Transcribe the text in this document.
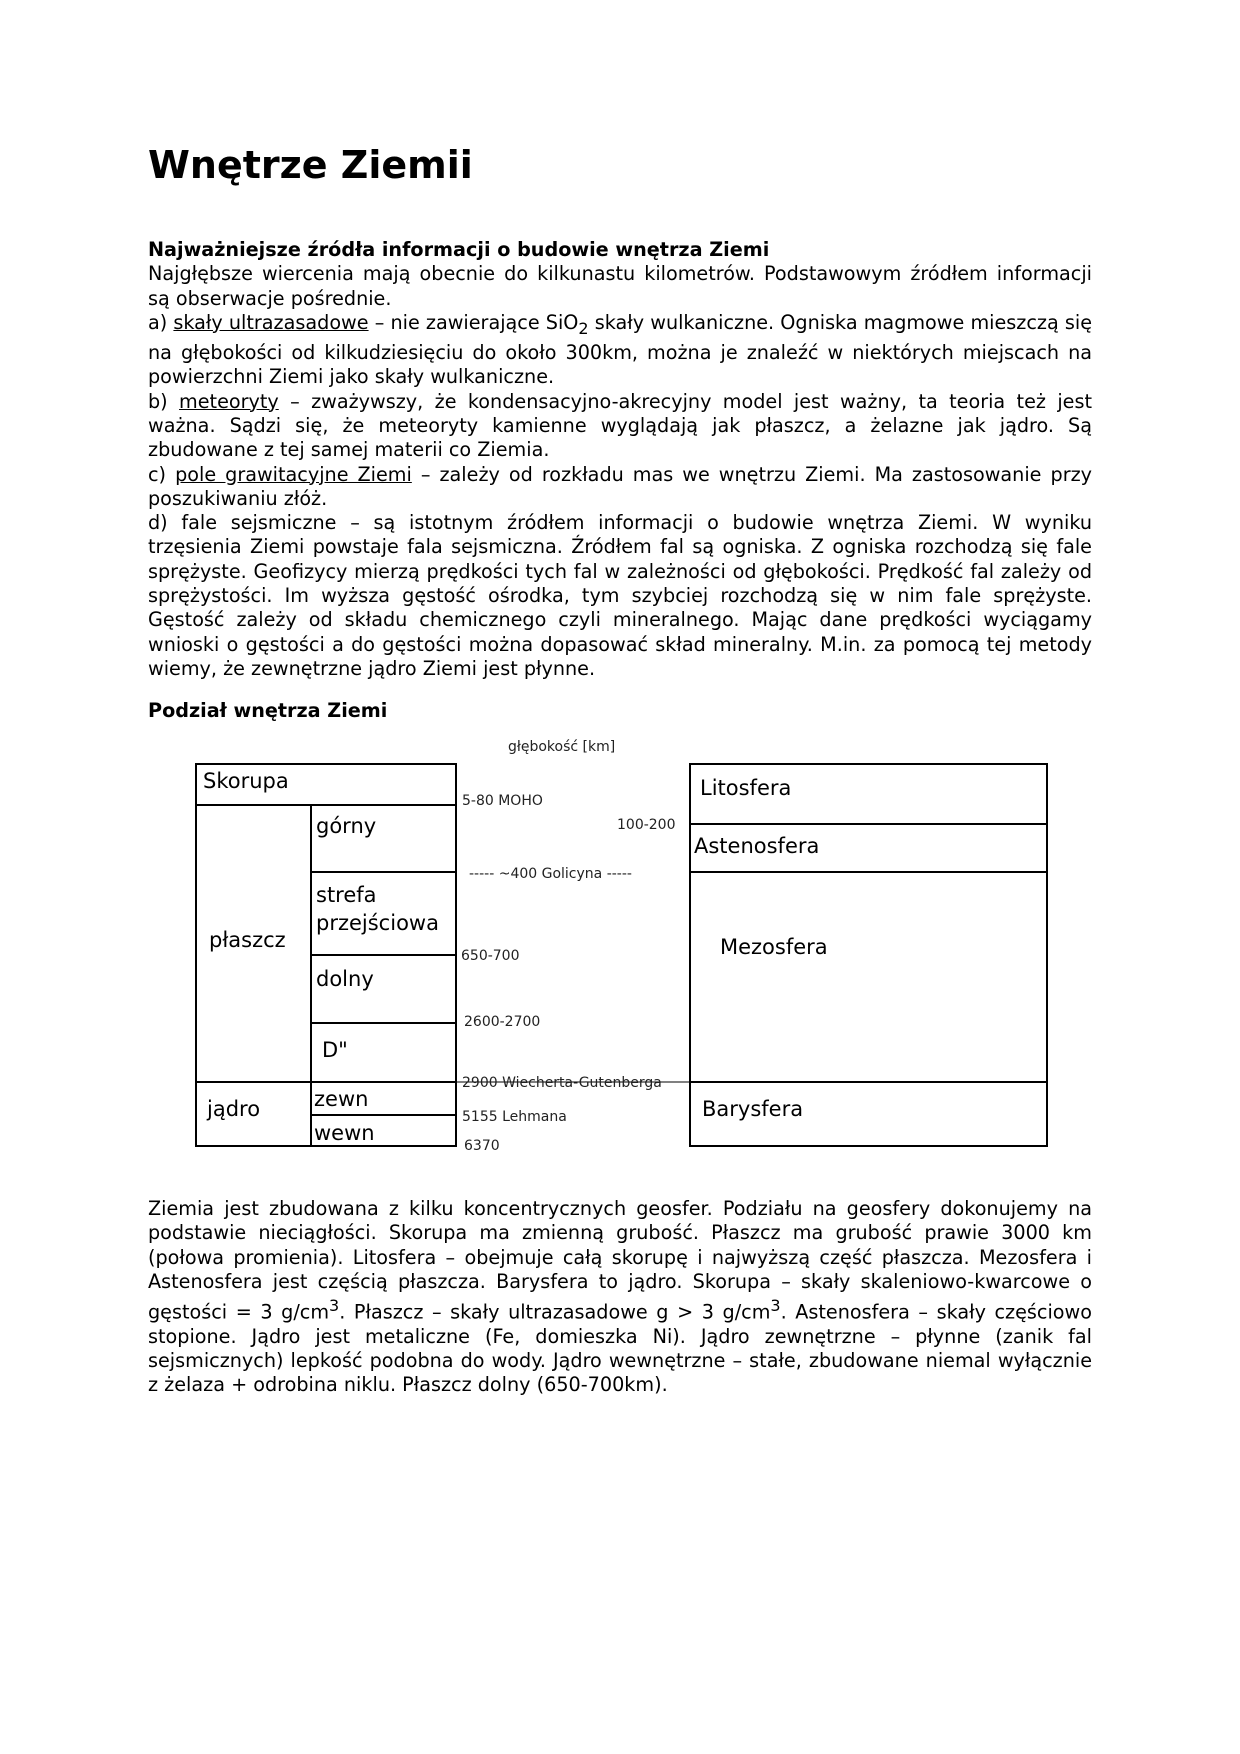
Wnętrze Ziemii

Najważniejsze źródła informacji o budowie wnętrza Ziemi

Najgłębsze wiercenia mają obecnie do kilkunastu kilometrów. Podstawowym źródłem informacji są obserwacje pośrednie.

a) skały ultrazasadowe – nie zawierające SiO$_2$ skały wulkaniczne. Ogniska magmowe mieszczą się na głębokości od kilkudziesięciu do około 300km, można je znaleźć w niektórych miejscach na powierzchni Ziemi jako skały wulkaniczne.

b) meteoryty – zważywszy, że kondensacyjno-akrecyjny model jest ważny, ta teoria też jest ważna. Sądzi się, że meteoryty kamienne wyglądają jak płaszcz, a żelazne jak jądro. Są zbudowane z tej samej materii co Ziemia.

c) pole grawitacyjne Ziemi – zależy od rozkładu mas we wnętrzu Ziemi. Ma zastosowanie przy poszukiwaniu złóż.

d) fale sejsmiczne – są istotnym źródłem informacji o budowie wnętrza Ziemi. W wyniku trzęsienia Ziemi powstaje fala sejsmiczna. Źródłem fal są ogniska. Z ogniska rozchodzą się fale sprężyste. Geofizycy mierzą prędkości tych fal w zależności od głębokości. Prędkość fal zależy od sprężystości. Im wyższa gęstość ośrodka, tym szybciej rozchodzą się w nim fale sprężyste. Gęstość zależy od składu chemicznego czyli mineralnego. Mając dane prędkości wyciągamy wnioski o gęstości a do gęstości można dopasować skład mineralny. M.in. za pomocą tej metody wiemy, że zewnętrzne jądro Ziemi jest płynne.

Podział wnętrza Ziemi

głębokość [km]
Skorupa
płaszcz
górny
strefa
przejściowa
dolny
D"
jądro	zewn
wewn
5-80 MOHO
100-200
----- ~400 Golicyna -----
650-700
2600-2700
2900 Wiecherta-Gutenberga
5155 Lehmana
6370
Litosfera
Astenosfera
Mezosfera
Barysfera

Ziemia jest zbudowana z kilku koncentrycznych geosfer. Podziału na geosfery dokonujemy na podstawie nieciągłości. Skorupa ma zmienną grubość. Płaszcz ma grubość prawie 3000 km (połowa promienia). Litosfera – obejmuje całą skorupę i najwyższą część płaszcza. Mezosfera i Astenosfera jest częścią płaszcza. Barysfera to jądro. Skorupa – skały skaleniowo-kwarcowe o gęstości = 3 $g/cm^3$. Płaszcz – skały ultrazasadowe g > 3 $g/cm^3$. Astenosfera – skały częściowo stopione. Jądro jest metaliczne (Fe, domieszka Ni). Jądro zewnętrzne – płynne (zanik fal sejsmicznych) lepkość podobna do wody. Jądro wewnętrzne – stałe, zbudowane niemal wyłącznie z żelaza + odrobina niklu. Płaszcz dolny (650-700km).
